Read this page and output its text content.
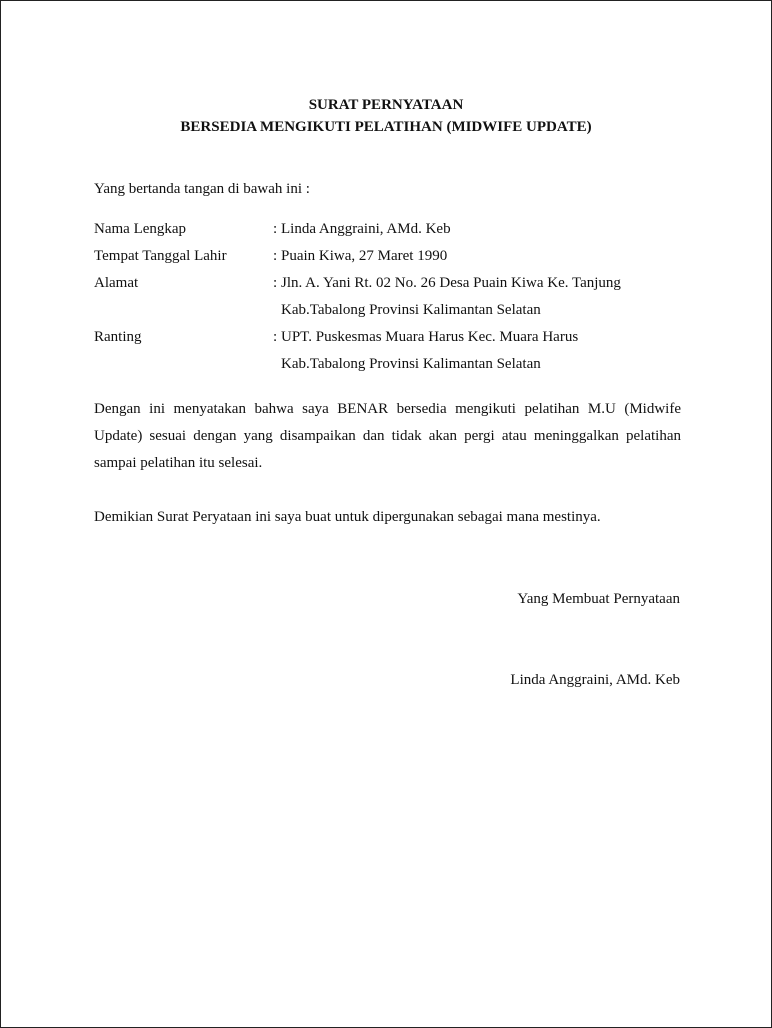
SURAT PERNYATAAN
BERSEDIA MENGIKUTI PELATIHAN (MIDWIFE UPDATE)
Yang bertanda tangan di bawah ini :
Nama Lengkap	: Linda Anggraini, AMd. Keb
Tempat Tanggal Lahir	: Puain Kiwa, 27 Maret 1990
Alamat	: Jln. A. Yani Rt. 02 No. 26 Desa Puain Kiwa Ke. Tanjung
Kab.Tabalong Provinsi Kalimantan Selatan
Ranting	: UPT. Puskesmas Muara Harus Kec. Muara Harus
Kab.Tabalong Provinsi Kalimantan Selatan
Dengan ini menyatakan bahwa saya BENAR bersedia mengikuti pelatihan M.U (Midwife Update) sesuai dengan yang disampaikan dan tidak akan pergi atau meninggalkan pelatihan sampai pelatihan itu selesai.
Demikian Surat Peryataan ini saya buat untuk dipergunakan sebagai mana mestinya.
Yang Membuat Pernyataan
Linda Anggraini, AMd. Keb
